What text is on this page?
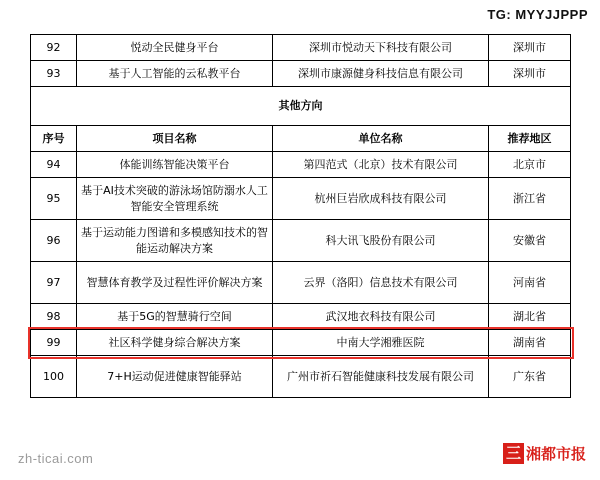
TG: MYYJJPPP
92	悦动全民健身平台	深圳市悦动天下科技有限公司	深圳市
93	基于人工智能的云私教平台	深圳市康源健身科技信息有限公司	深圳市
其他方向			
序号	项目名称	单位名称	推荐地区
94	体能训练智能决策平台	第四范式（北京）技术有限公司	北京市
95	基于AI技术突破的游泳场馆防溺水人工智能安全管理系统	杭州巨岩欣成科技有限公司	浙江省
96	基于运动能力图谱和多模感知技术的智能运动解决方案	科大讯飞股份有限公司	安徽省
97	智慧体育教学及过程性评价解决方案	云界（洛阳）信息技术有限公司	河南省
98	基于5G的智慧骑行空间	武汉地衣科技有限公司	湖北省
99	社区科学健身综合解决方案	中南大学湘雅医院	湖南省
100	7+H运动促进健康智能驿站	广州市祈石智能健康科技发展有限公司	广东省
zh-ticai.com	三 湘都市报
